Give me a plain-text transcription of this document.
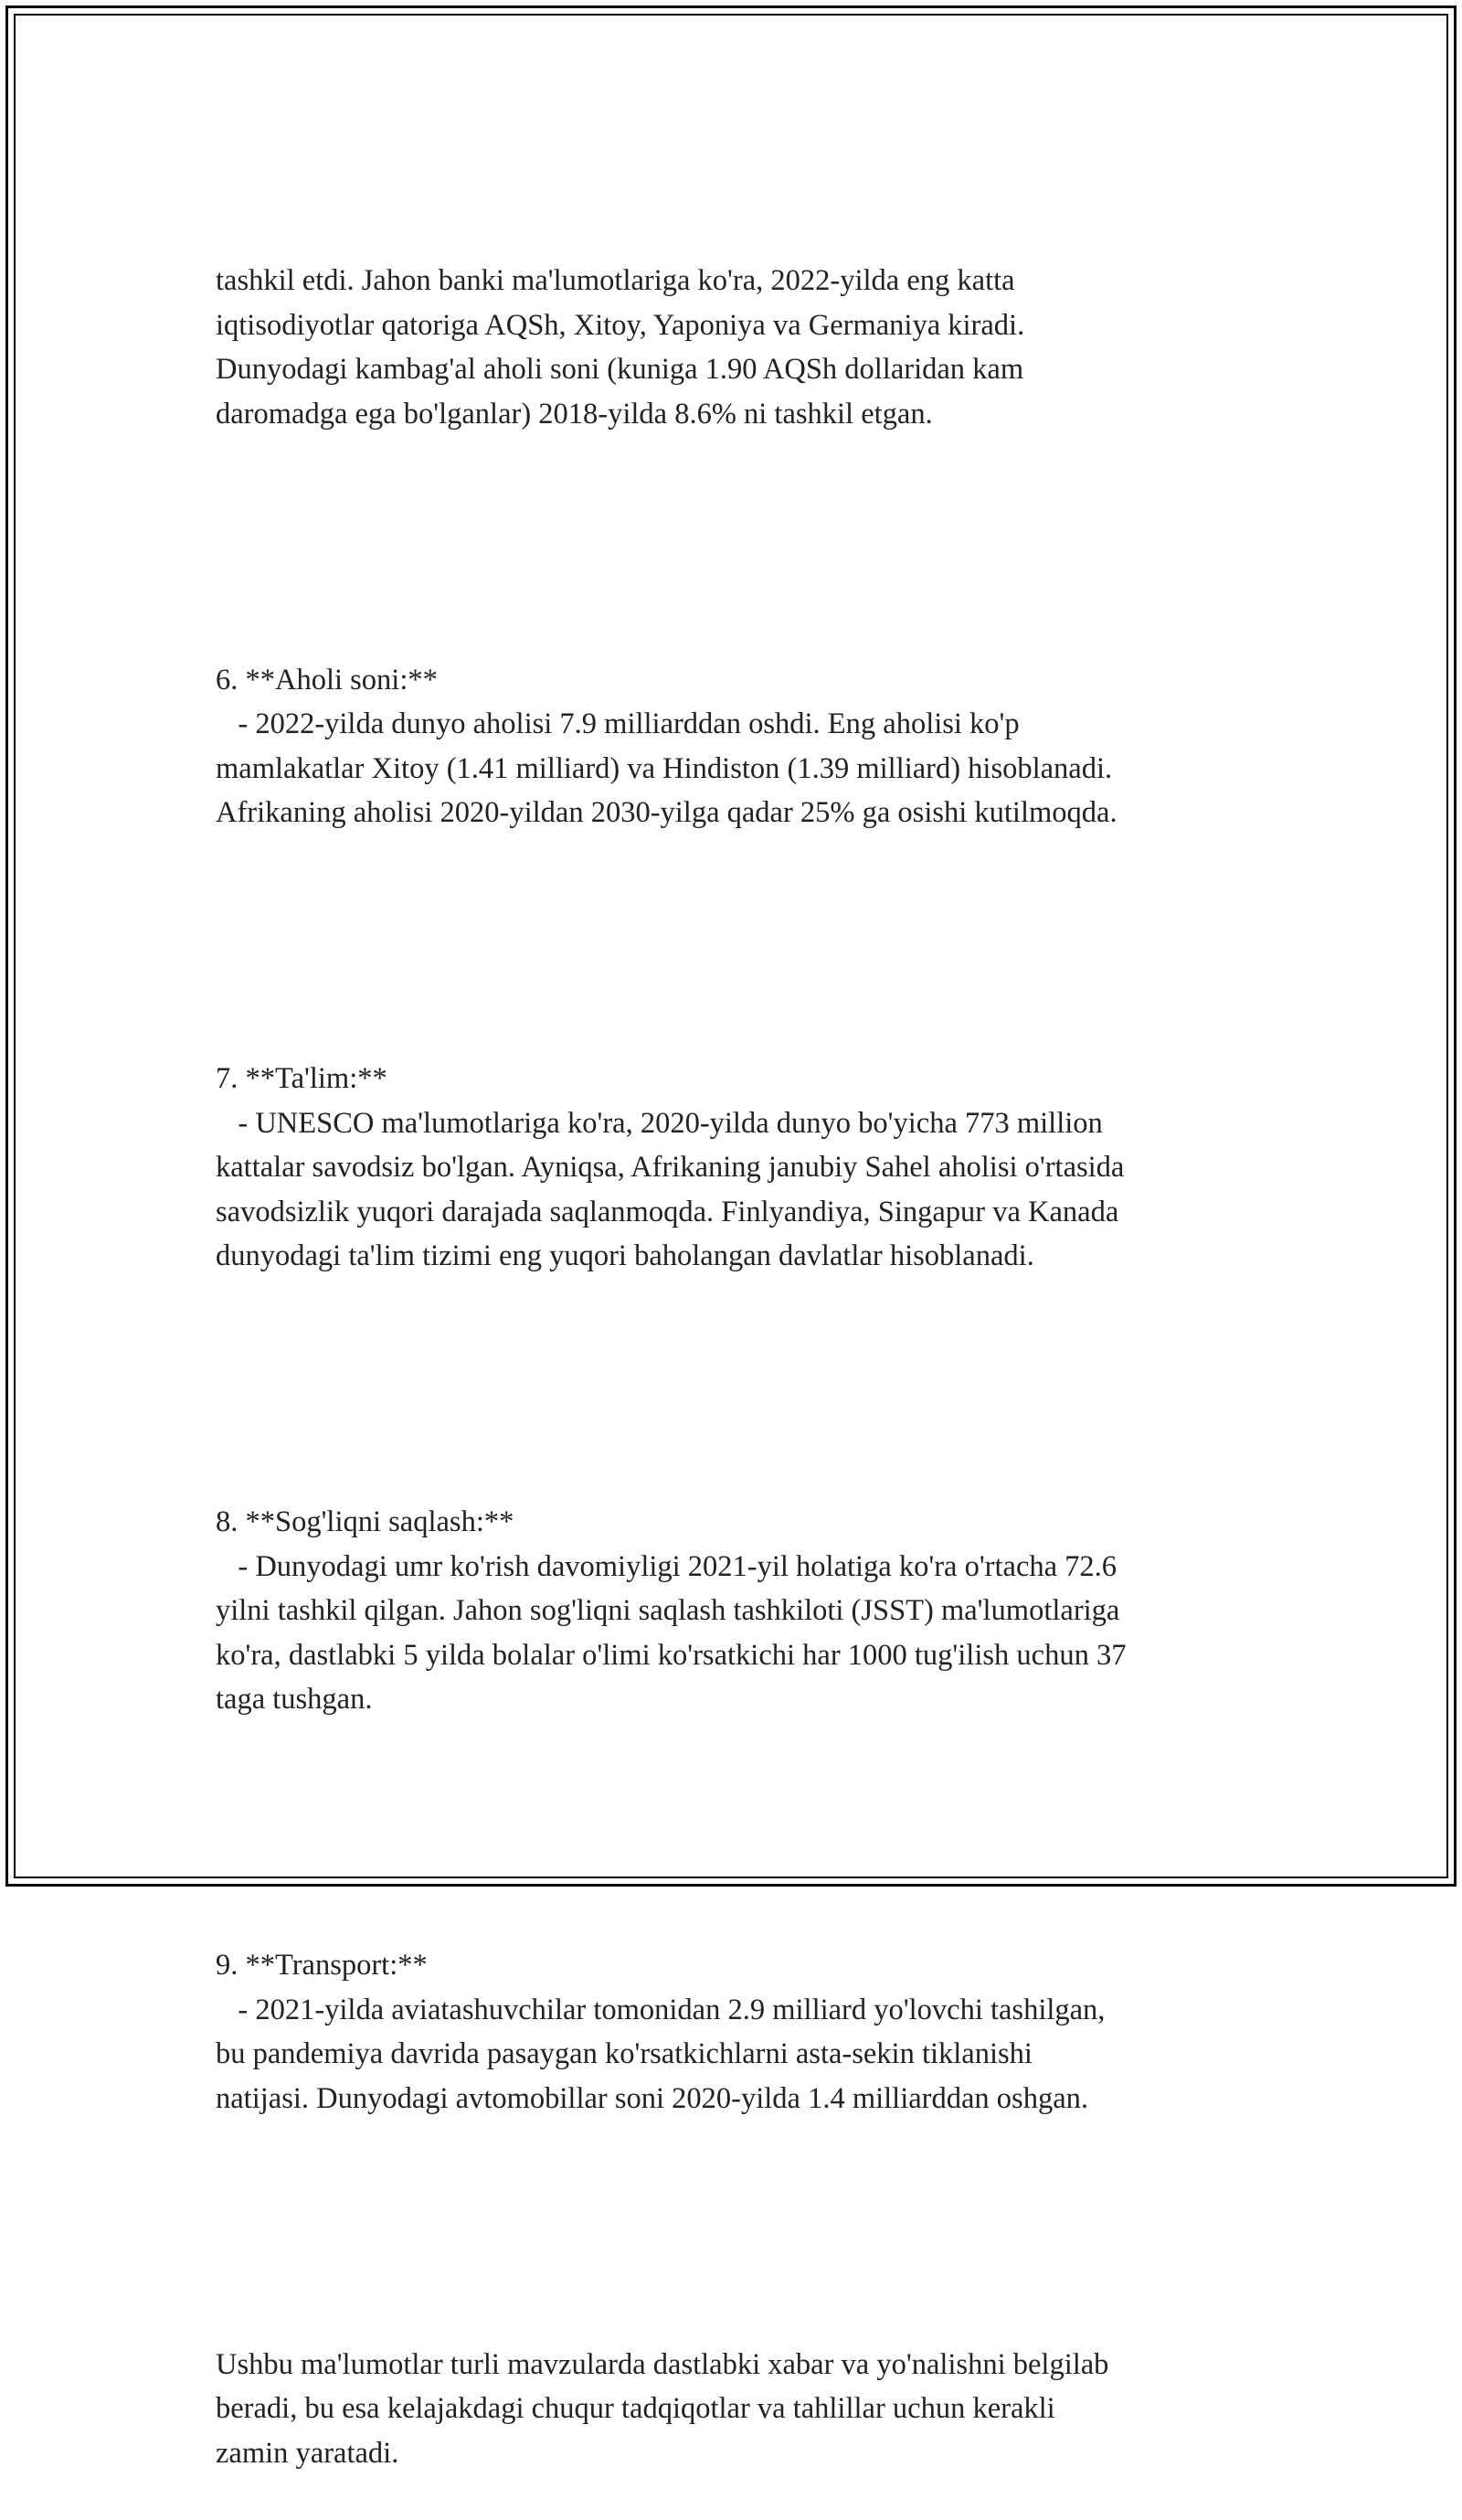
tashkil etdi. Jahon banki ma'lumotlariga ko'ra, 2022-yilda eng katta
iqtisodiyotlar qatoriga AQSh, Xitoy, Yaponiya va Germaniya kiradi.
Dunyodagi kambag'al aholi soni (kuniga 1.90 AQSh dollaridan kam
daromadga ega bo'lganlar) 2018-yilda 8.6% ni tashkil etgan.

6. **Aholi soni:**
- 2022-yilda dunyo aholisi 7.9 milliarddan oshdi. Eng aholisi ko'p
mamlakatlar Xitoy (1.41 milliard) va Hindiston (1.39 milliard) hisoblanadi.
Afrikaning aholisi 2020-yildan 2030-yilga qadar 25% ga osishi kutilmoqda.

7. **Ta'lim:**
- UNESCO ma'lumotlariga ko'ra, 2020-yilda dunyo bo'yicha 773 million
kattalar savodsiz bo'lgan. Ayniqsa, Afrikaning janubiy Sahel aholisi o'rtasida
savodsizlik yuqori darajada saqlanmoqda. Finlyandiya, Singapur va Kanada
dunyodagi ta'lim tizimi eng yuqori baholangan davlatlar hisoblanadi.

8. **Sog'liqni saqlash:**
- Dunyodagi umr ko'rish davomiyligi 2021-yil holatiga ko'ra o'rtacha 72.6
yilni tashkil qilgan. Jahon sog'liqni saqlash tashkiloti (JSST) ma'lumotlariga
ko'ra, dastlabki 5 yilda bolalar o'limi ko'rsatkichi har 1000 tug'ilish uchun 37
taga tushgan.

9. **Transport:**
- 2021-yilda aviatashuvchilar tomonidan 2.9 milliard yo'lovchi tashilgan,
bu pandemiya davrida pasaygan ko'rsatkichlarni asta-sekin tiklanishi
natijasi. Dunyodagi avtomobillar soni 2020-yilda 1.4 milliarddan oshgan.

Ushbu ma'lumotlar turli mavzularda dastlabki xabar va yo'nalishni belgilab
beradi, bu esa kelajakdagi chuqur tadqiqotlar va tahlillar uchun kerakli
zamin yaratadi.
